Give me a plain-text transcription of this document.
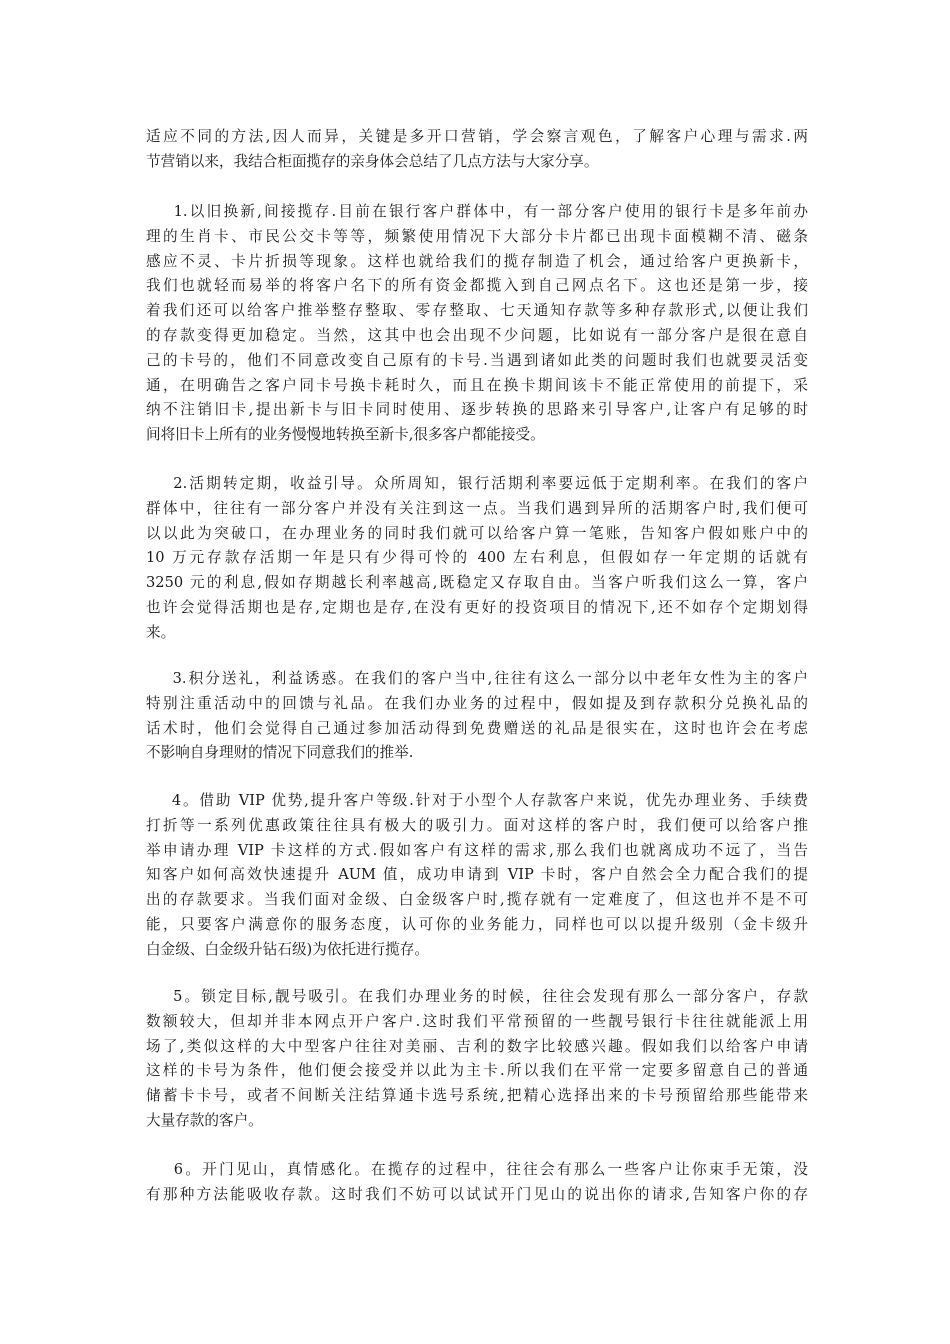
适应不同的方法,因人而异，关键是多开口营销，学会察言观色，了解客户心理与需求.两
节营销以来，我结合柜面揽存的亲身体会总结了几点方法与大家分享。
1.以旧换新,间接揽存.目前在银行客户群体中，有一部分客户使用的银行卡是多年前办
理的生肖卡、市民公交卡等等，频繁使用情况下大部分卡片都已出现卡面模糊不清、磁条
感应不灵、卡片折损等现象。这样也就给我们的揽存制造了机会，通过给客户更换新卡，
我们也就轻而易举的将客户名下的所有资金都揽入到自己网点名下。这也还是第一步，接
着我们还可以给客户推举整存整取、零存整取、七天通知存款等多种存款形式,以便让我们
的存款变得更加稳定。当然，这其中也会出现不少问题，比如说有一部分客户是很在意自
己的卡号的，他们不同意改变自己原有的卡号.当遇到诸如此类的问题时我们也就要灵活变
通，在明确告之客户同卡号换卡耗时久，而且在换卡期间该卡不能正常使用的前提下，采
纳不注销旧卡,提出新卡与旧卡同时使用、逐步转换的思路来引导客户,让客户有足够的时
间将旧卡上所有的业务慢慢地转换至新卡,很多客户都能接受。
2.活期转定期，收益引导。众所周知，银行活期利率要远低于定期利率。在我们的客户
群体中，往往有一部分客户并没有关注到这一点。当我们遇到异所的活期客户时,我们便可
以以此为突破口，在办理业务的同时我们就可以给客户算一笔账，告知客户假如账户中的
10 万元存款存活期一年是只有少得可怜的 400 左右利息，但假如存一年定期的话就有
3250 元的利息,假如存期越长利率越高,既稳定又存取自由。当客户听我们这么一算，客户
也许会觉得活期也是存,定期也是存,在没有更好的投资项目的情况下,还不如存个定期划得
来。
3.积分送礼，利益诱惑。在我们的客户当中,往往有这么一部分以中老年女性为主的客户
特别注重活动中的回馈与礼品。在我们办业务的过程中，假如提及到存款积分兑换礼品的
话术时，他们会觉得自己通过参加活动得到免费赠送的礼品是很实在，这时也许会在考虑
不影响自身理财的情况下同意我们的推举.
4。借助 VIP 优势,提升客户等级.针对于小型个人存款客户来说，优先办理业务、手续费
打折等一系列优惠政策往往具有极大的吸引力。面对这样的客户时，我们便可以给客户推
举申请办理 VIP 卡这样的方式.假如客户有这样的需求,那么我们也就离成功不远了，当告
知客户如何高效快速提升 AUM 值，成功申请到 VIP 卡时，客户自然会全力配合我们的提
出的存款要求。当我们面对金级、白金级客户时,揽存就有一定难度了，但这也并不是不可
能，只要客户满意你的服务态度，认可你的业务能力，同样也可以以提升级别（金卡级升
白金级、白金级升钻石级)为依托进行揽存。
5。锁定目标,靓号吸引。在我们办理业务的时候，往往会发现有那么一部分客户，存款
数额较大，但却并非本网点开户客户.这时我们平常预留的一些靓号银行卡往往就能派上用
场了,类似这样的大中型客户往往对美丽、吉利的数字比较感兴趣。假如我们以给客户申请
这样的卡号为条件，他们便会接受并以此为主卡.所以我们在平常一定要多留意自己的普通
储蓄卡卡号，或者不间断关注结算通卡选号系统,把精心选择出来的卡号预留给那些能带来
大量存款的客户。
6。开门见山，真情感化。在揽存的过程中，往往会有那么一些客户让你束手无策，没
有那种方法能吸收存款。这时我们不妨可以试试开门见山的说出你的请求,告知客户你的存
